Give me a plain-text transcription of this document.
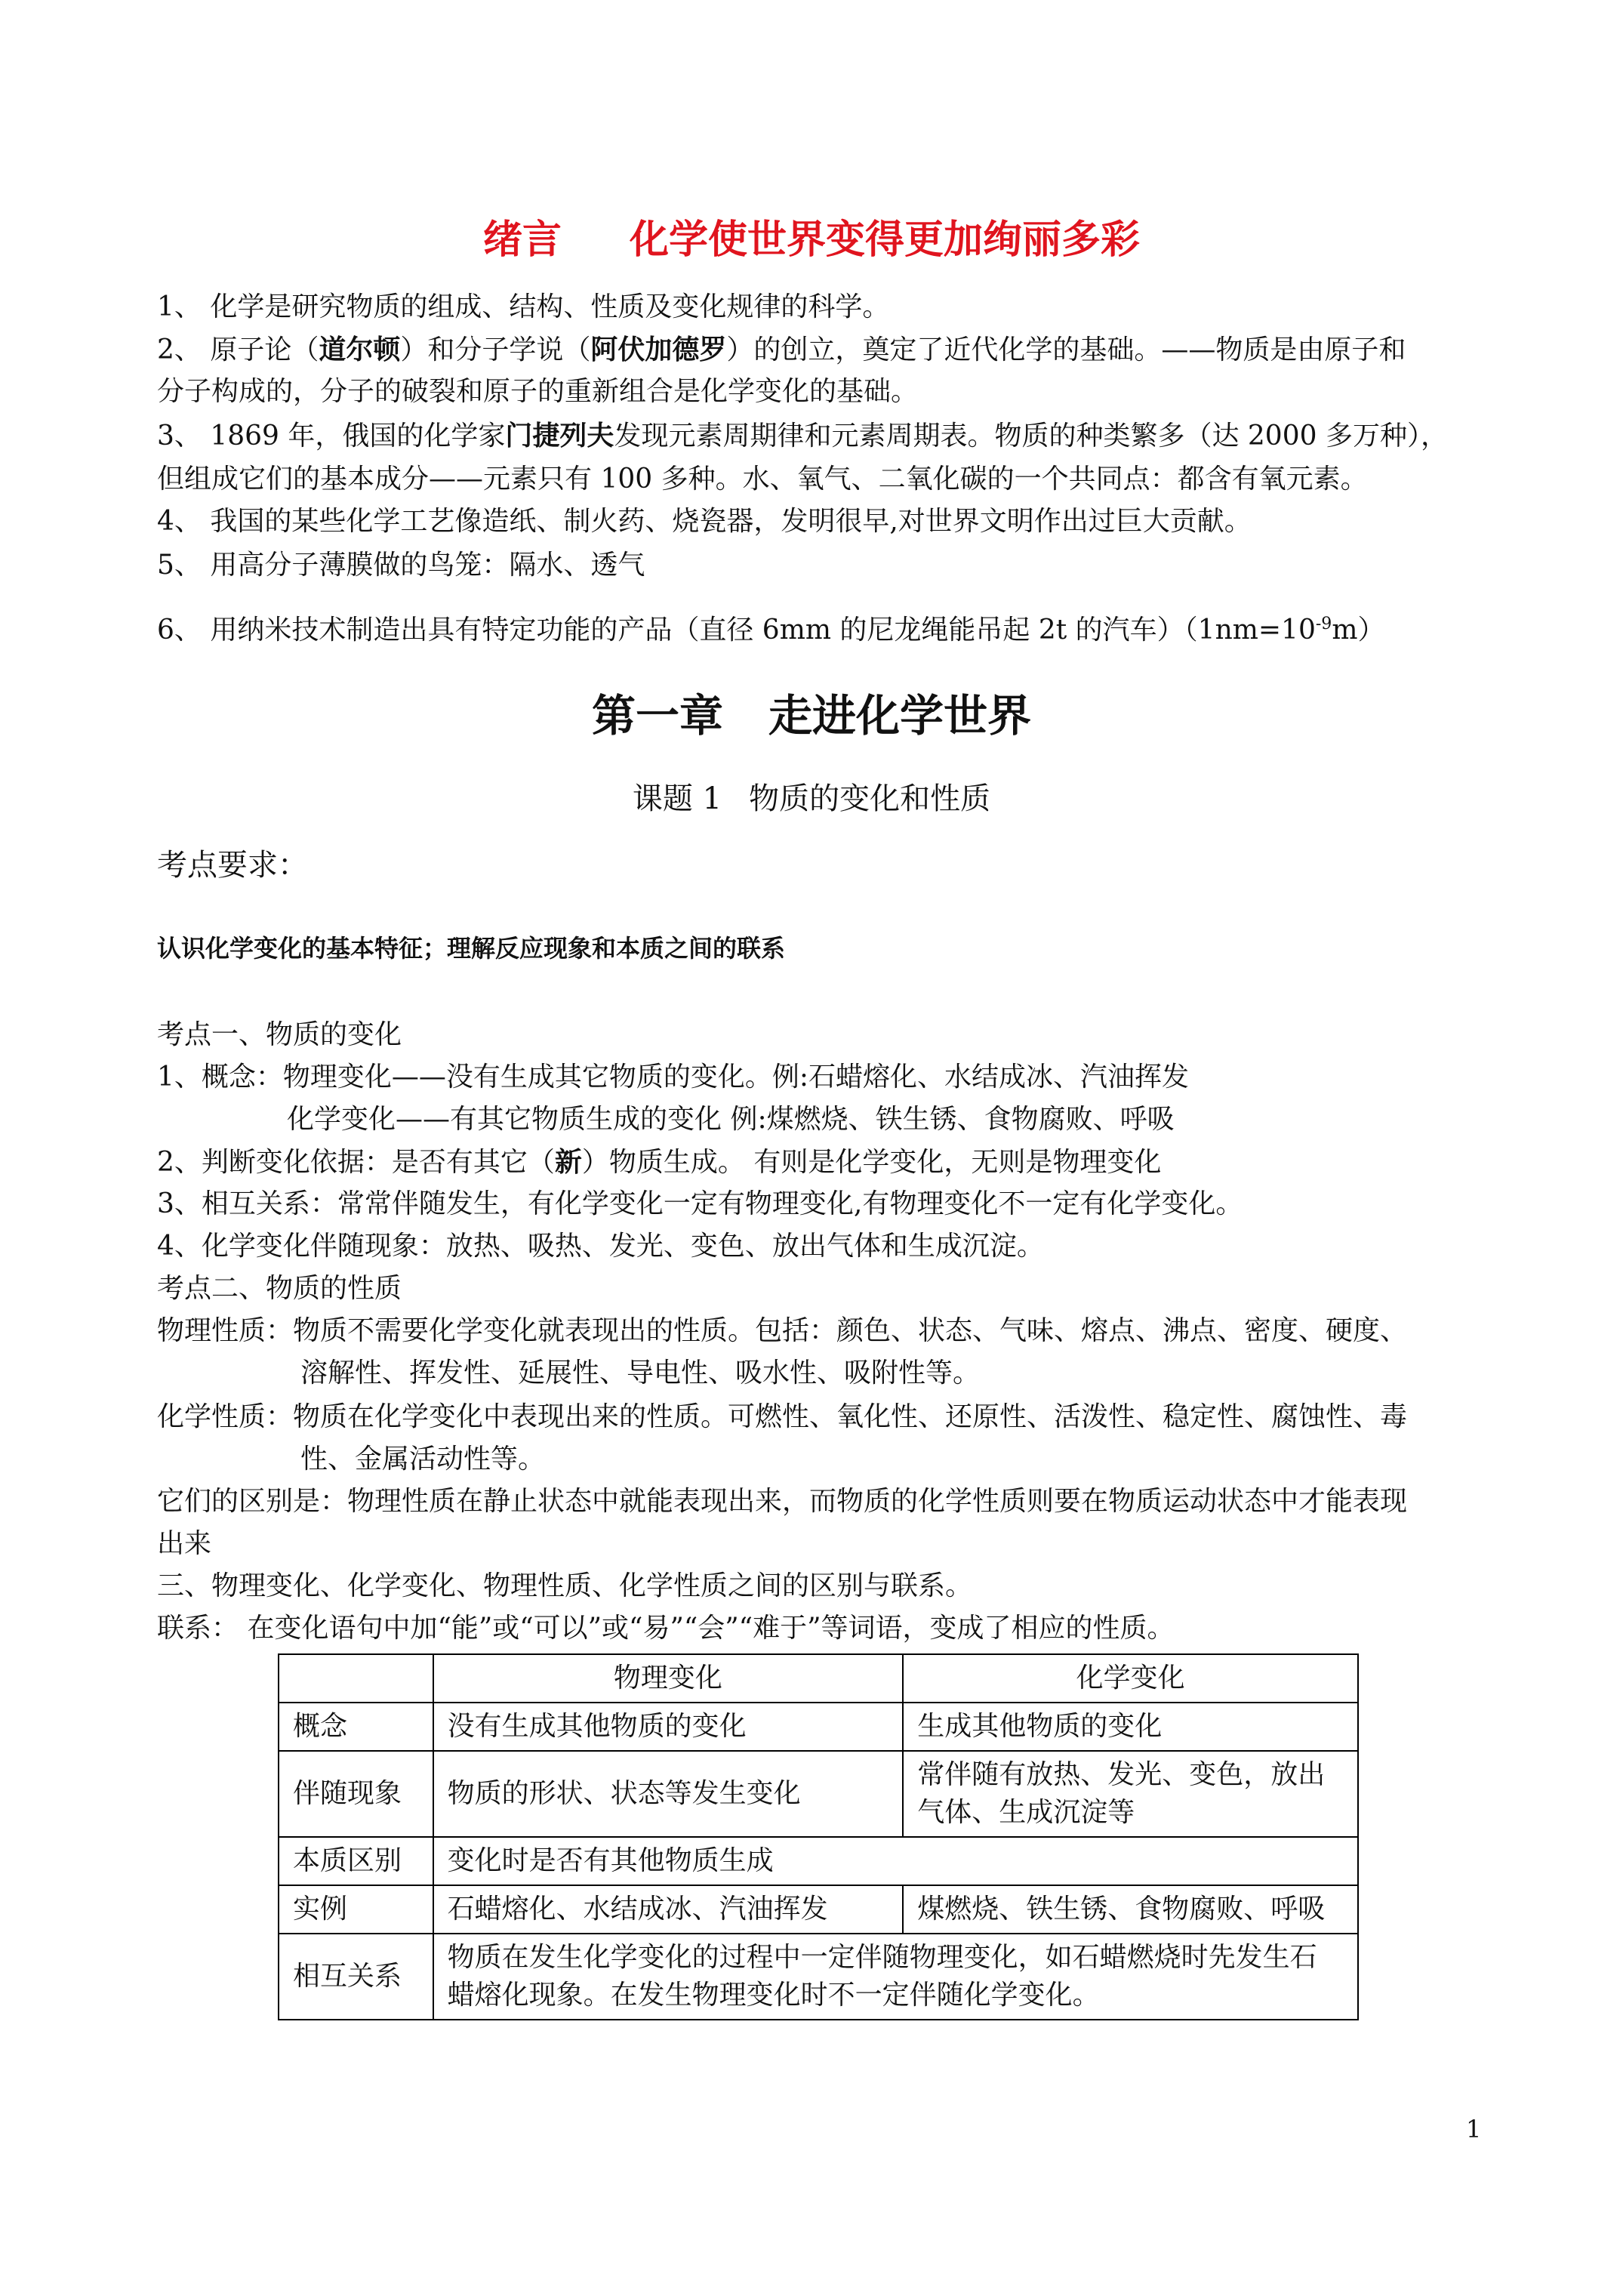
绪言 化学使世界变得更加绚丽多彩
1、 化学是研究物质的组成、结构、性质及变化规律的科学。
2、 原子论（道尔顿）和分子学说（阿伏加德罗）的创立，奠定了近代化学的基础。——物质是由原子和
分子构成的，分子的破裂和原子的重新组合是化学变化的基础。
3、 1869 年，俄国的化学家门捷列夫发现元素周期律和元素周期表。物质的种类繁多（达 2000 多万种），
但组成它们的基本成分——元素只有 100 多种。水、氧气、二氧化碳的一个共同点：都含有氧元素。
4、 我国的某些化学工艺像造纸、制火药、烧瓷器，发明很早,对世界文明作出过巨大贡献。
5、 用高分子薄膜做的鸟笼：隔水、透气
6、 用纳米技术制造出具有特定功能的产品（直径 6mm 的尼龙绳能吊起 2t 的汽车）$(1nm=10^{-9}m)$
第一章 走进化学世界
课题 1 物质的变化和性质
考点要求：
认识化学变化的基本特征；理解反应现象和本质之间的联系
考点一、物质的变化
1、概念：物理变化——没有生成其它物质的变化。例:石蜡熔化、水结成冰、汽油挥发
化学变化——有其它物质生成的变化 例:煤燃烧、铁生锈、食物腐败、呼吸
2、判断变化依据：是否有其它（新）物质生成。 有则是化学变化，无则是物理变化
3、相互关系：常常伴随发生，有化学变化一定有物理变化,有物理变化不一定有化学变化。
4、化学变化伴随现象：放热、吸热、发光、变色、放出气体和生成沉淀。
考点二、物质的性质
物理性质：物质不需要化学变化就表现出的性质。包括：颜色、状态、气味、熔点、沸点、密度、硬度、
溶解性、挥发性、延展性、导电性、吸水性、吸附性等。
化学性质：物质在化学变化中表现出来的性质。可燃性、氧化性、还原性、活泼性、稳定性、腐蚀性、毒
性、金属活动性等。
它们的区别是：物理性质在静止状态中就能表现出来，而物质的化学性质则要在物质运动状态中才能表现
出来
三、物理变化、化学变化、物理性质、化学性质之间的区别与联系。
联系： 在变化语句中加“能”或“可以”或“易”“会”“难于”等词语，变成了相应的性质。
	物理变化	化学变化
概念	没有生成其他物质的变化	生成其他物质的变化
伴随现象	物质的形状、状态等发生变化	常伴随有放热、发光、变色，放出气体、生成沉淀等
本质区别	变化时是否有其他物质生成	
实例	石蜡熔化、水结成冰、汽油挥发	煤燃烧、铁生锈、食物腐败、呼吸
相互关系	物质在发生化学变化的过程中一定伴随物理变化，如石蜡燃烧时先发生石蜡熔化现象。在发生物理变化时不一定伴随化学变化。	
1
